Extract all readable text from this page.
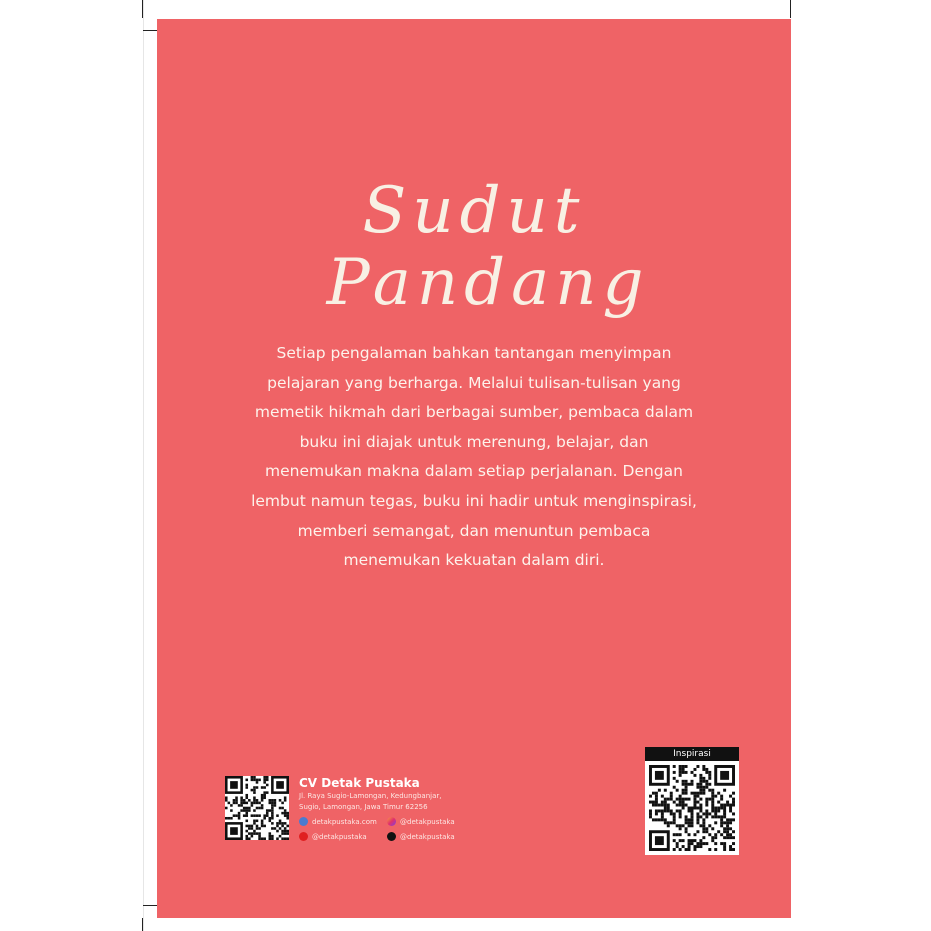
Sudut
Pandang

Setiap pengalaman bahkan tantangan menyimpan pelajaran yang berharga. Melalui tulisan-tulisan yang memetik hikmah dari berbagai sumber, pembaca dalam buku ini diajak untuk merenung, belajar, dan menemukan makna dalam setiap perjalanan. Dengan lembut namun tegas, buku ini hadir untuk menginspirasi, memberi semangat, dan menuntun pembaca menemukan kekuatan dalam diri.

CV Detak Pustaka
Jl. Raya Sugio-Lamongan, Kedungbanjar,
Sugio, Lamongan, Jawa Timur 62256
detakpustaka.com	@detakpustaka
@detakpustaka	@detakpustaka
Inspirasi
